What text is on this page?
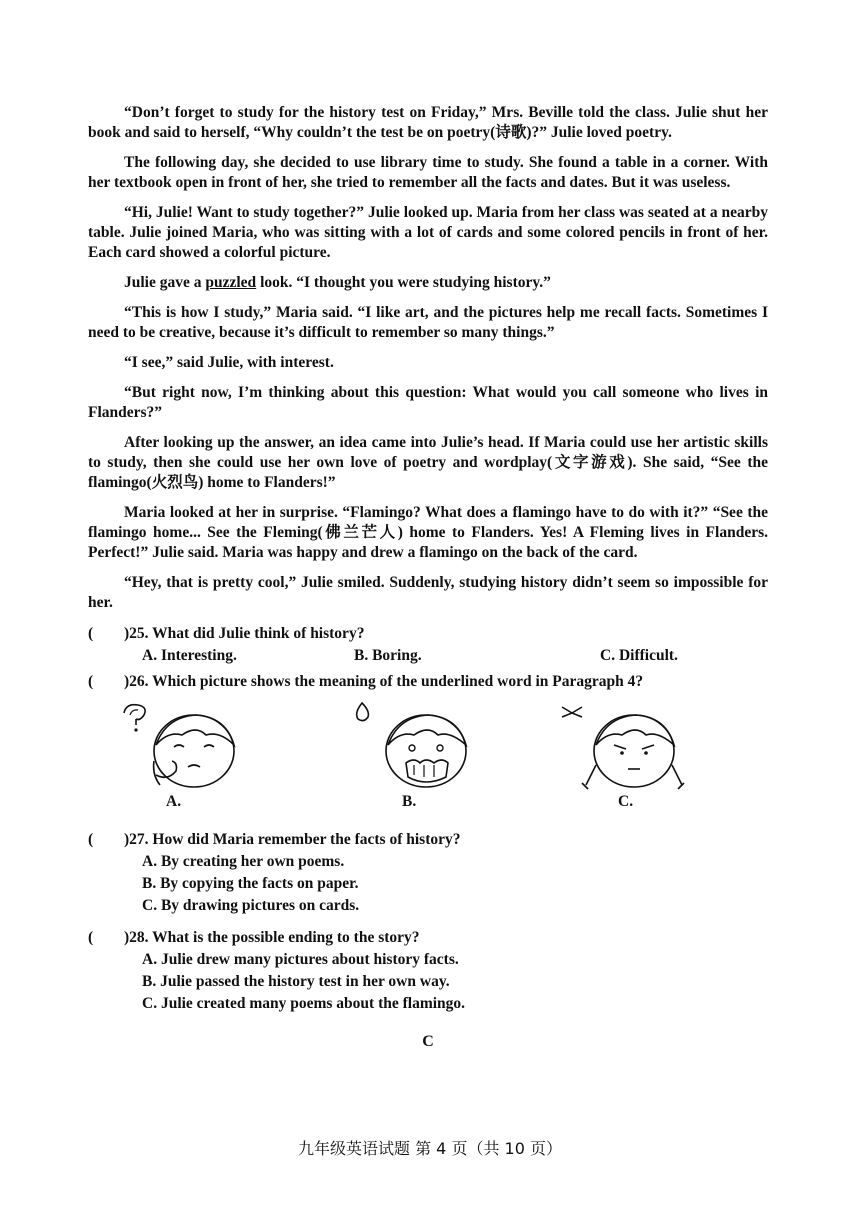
“Don’t forget to study for the history test on Friday,” Mrs. Beville told the class. Julie shut her book and said to herself, “Why couldn’t the test be on poetry(诗歌)?” Julie loved poetry.

The following day, she decided to use library time to study. She found a table in a corner. With her textbook open in front of her, she tried to remember all the facts and dates. But it was useless.

“Hi, Julie! Want to study together?” Julie looked up. Maria from her class was seated at a nearby table. Julie joined Maria, who was sitting with a lot of cards and some colored pencils in front of her. Each card showed a colorful picture.

Julie gave a puzzled look. “I thought you were studying history.”

“This is how I study,” Maria said. “I like art, and the pictures help me recall facts. Sometimes I need to be creative, because it’s difficult to remember so many things.”

“I see,” said Julie, with interest.

“But right now, I’m thinking about this question: What would you call someone who lives in Flanders?”

After looking up the answer, an idea came into Julie’s head. If Maria could use her artistic skills to study, then she could use her own love of poetry and wordplay(文字游戏). She said, “See the flamingo(火烈鸟) home to Flanders!”

Maria looked at her in surprise. “Flamingo? What does a flamingo have to do with it?” “See the flamingo home... See the Fleming(佛兰芒人) home to Flanders. Yes! A Fleming lives in Flanders. Perfect!” Julie said. Maria was happy and drew a flamingo on the back of the card.

“Hey, that is pretty cool,” Julie smiled. Suddenly, studying history didn’t seem so impossible for her.

(	)25. What did Julie think of history?
A. Interesting.	B. Boring.	C. Difficult.
(	)26. Which picture shows the meaning of the underlined word in Paragraph 4?
A.	B.	C.
(	)27. How did Maria remember the facts of history?
A. By creating her own poems.
B. By copying the facts on paper.
C. By drawing pictures on cards.
(	)28. What is the possible ending to the story?
A. Julie drew many pictures about history facts.
B. Julie passed the history test in her own way.
C. Julie created many poems about the flamingo.
C
九年级英语试题 第 4 页（共 10 页）
